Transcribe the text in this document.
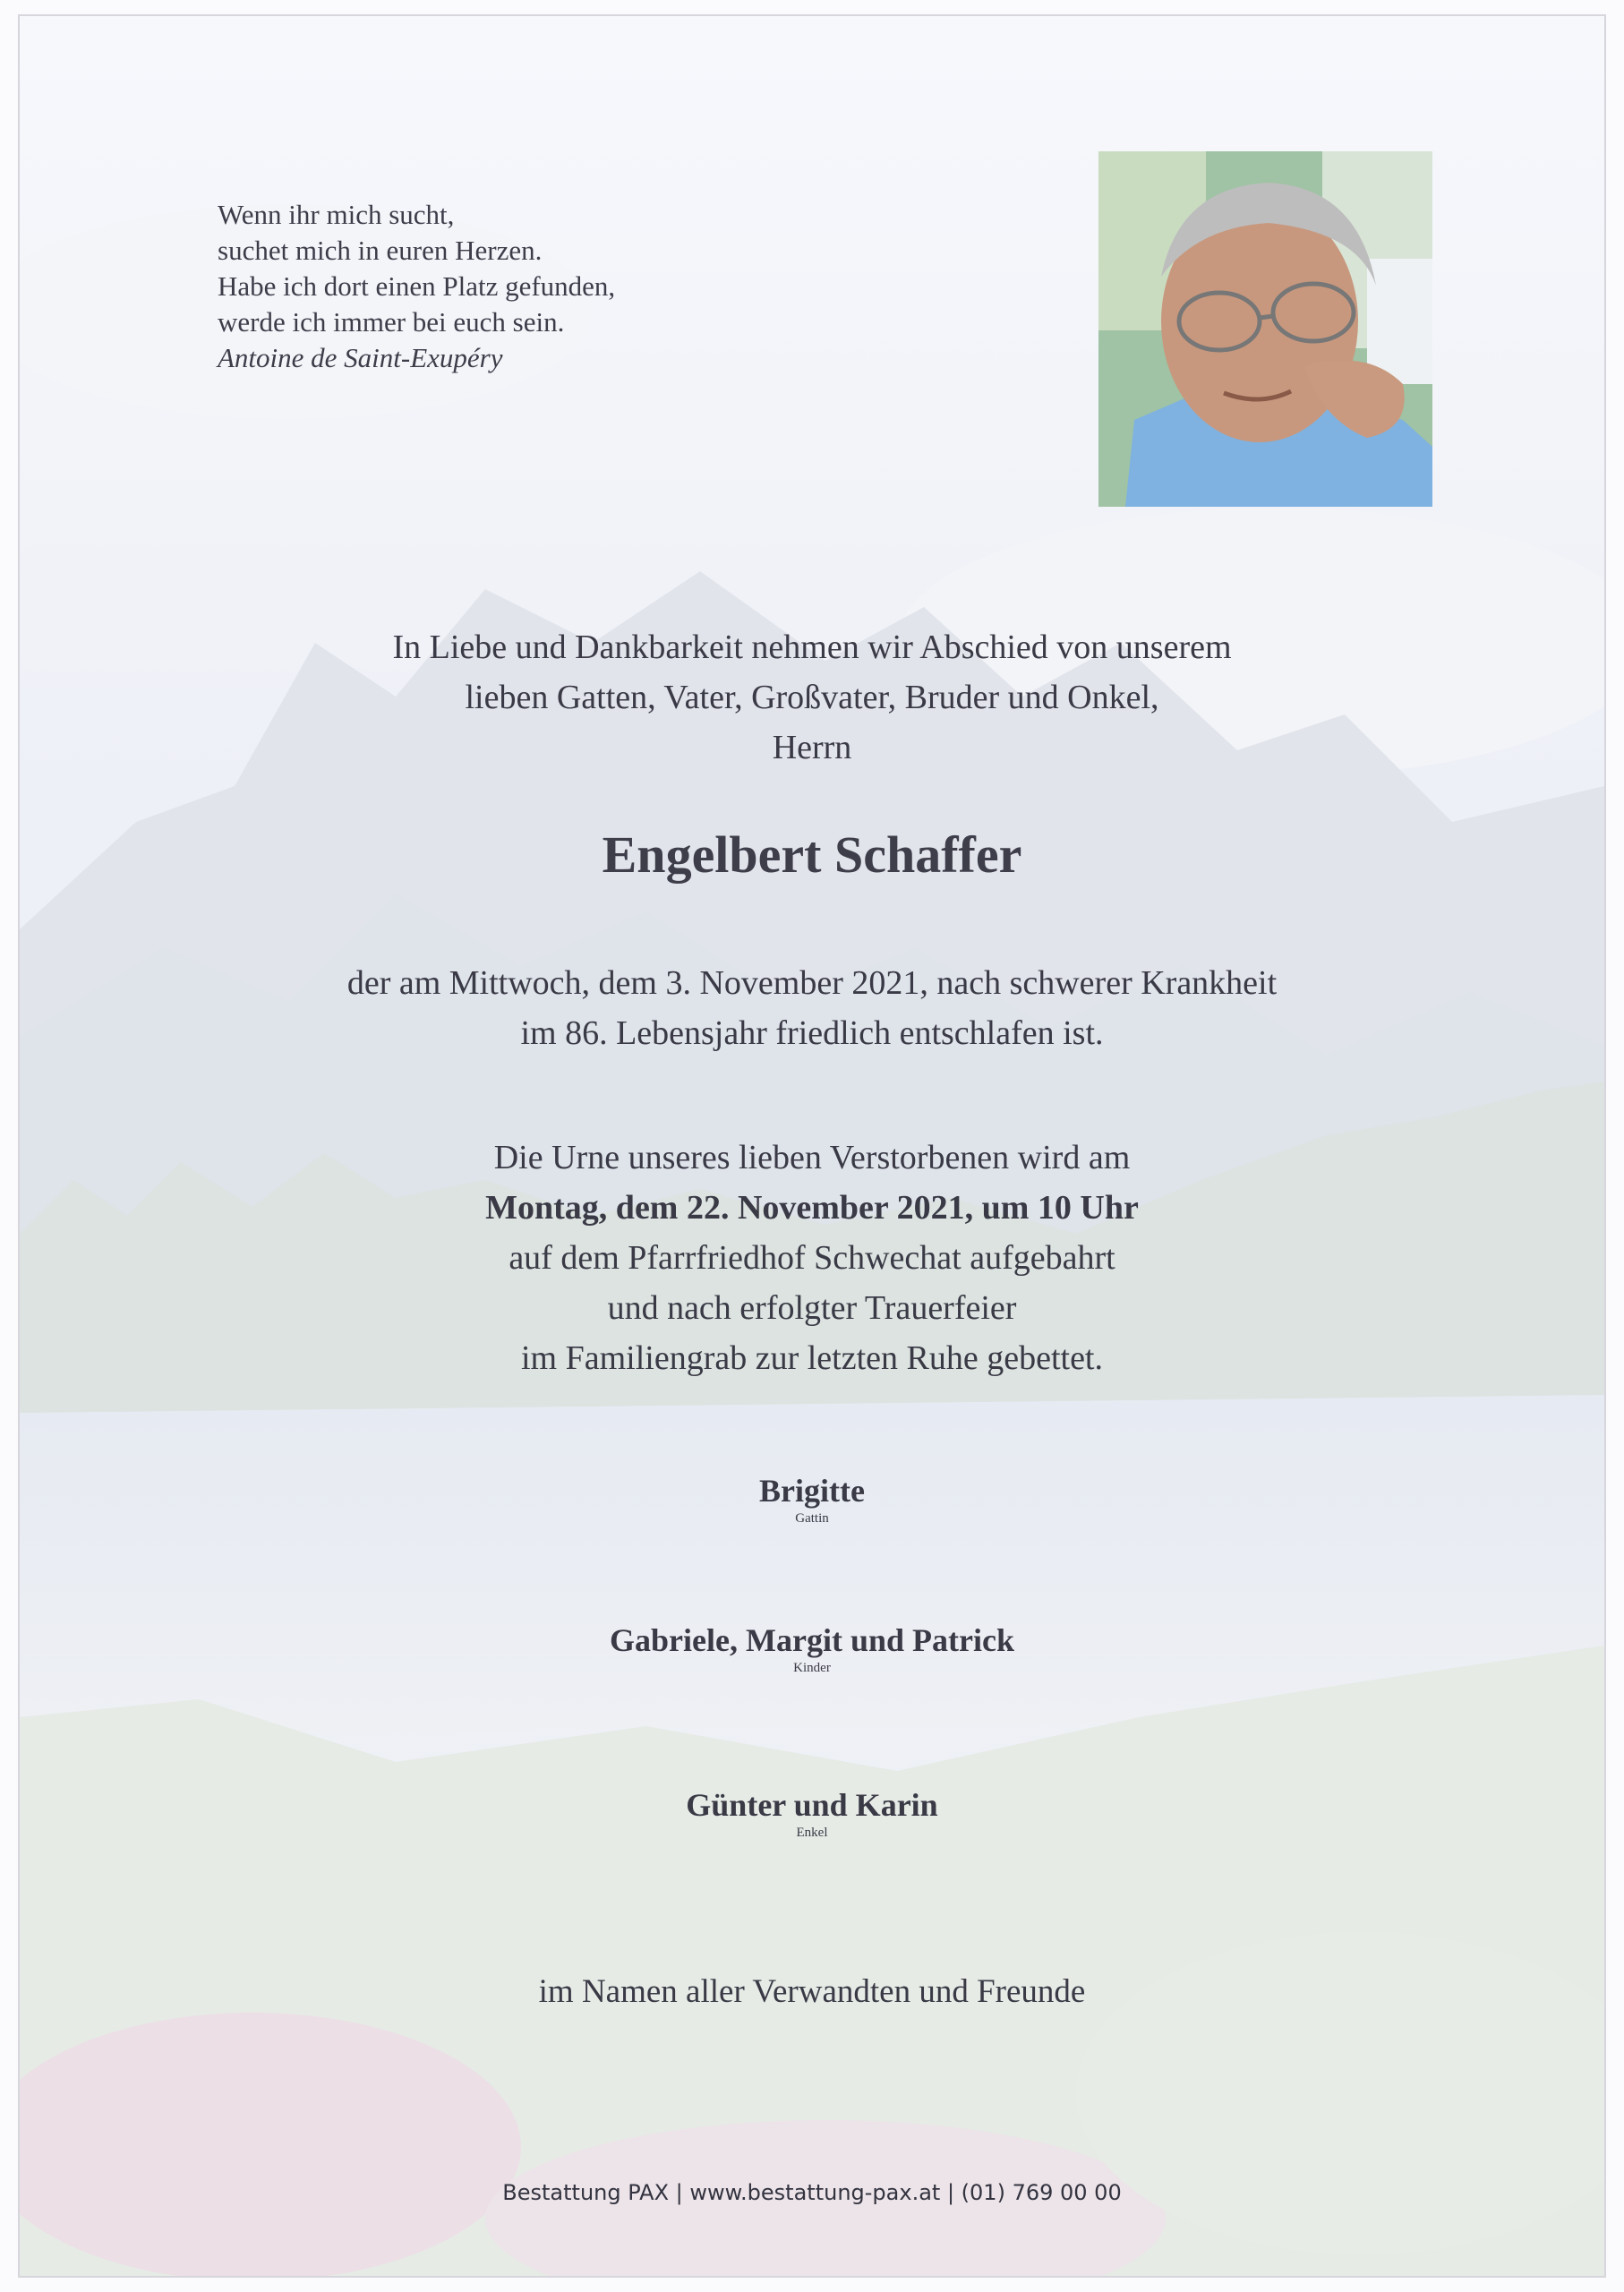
Wenn ihr mich sucht,
suchet mich in euren Herzen.
Habe ich dort einen Platz gefunden,
werde ich immer bei euch sein.
Antoine de Saint-Exupéry
In Liebe und Dankbarkeit nehmen wir Abschied von unserem
lieben Gatten, Vater, Großvater, Bruder und Onkel,
Herrn
Engelbert Schaffer
der am Mittwoch, dem 3. November 2021, nach schwerer Krankheit
im 86. Lebensjahr friedlich entschlafen ist.
Die Urne unseres lieben Verstorbenen wird am
Montag, dem 22. November 2021, um 10 Uhr
auf dem Pfarrfriedhof Schwechat aufgebahrt
und nach erfolgter Trauerfeier
im Familiengrab zur letzten Ruhe gebettet.
Brigitte
Gattin
Gabriele, Margit und Patrick
Kinder
Günter und Karin
Enkel
im Namen aller Verwandten und Freunde
Bestattung PAX | www.bestattung-pax.at | (01) 769 00 00
